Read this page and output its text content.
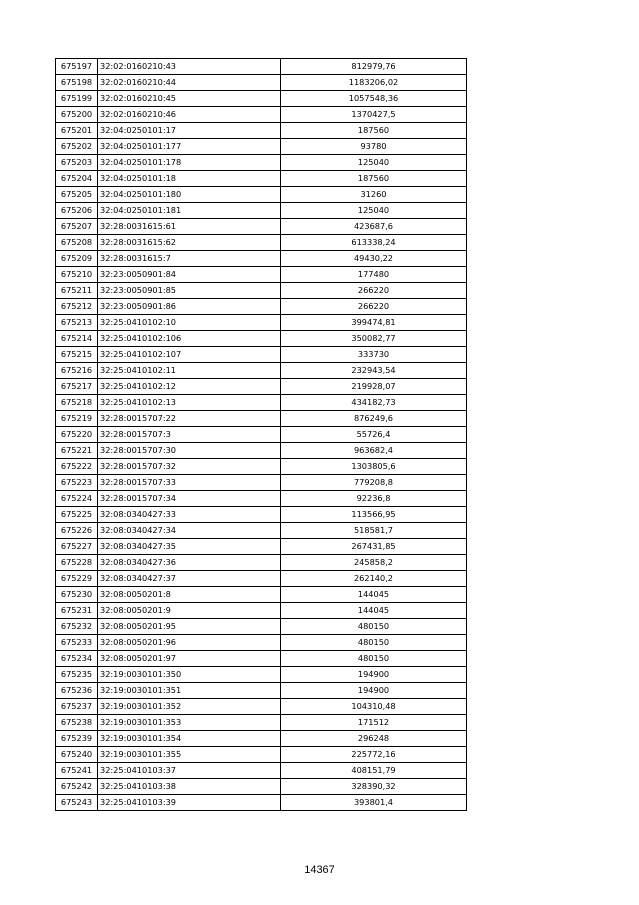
675197	32:02:0160210:43	812979,76
675198	32:02:0160210:44	1183206,02
675199	32:02:0160210:45	1057548,36
675200	32:02:0160210:46	1370427,5
675201	32:04:0250101:17	187560
675202	32:04:0250101:177	93780
675203	32:04:0250101:178	125040
675204	32:04:0250101:18	187560
675205	32:04:0250101:180	31260
675206	32:04:0250101:181	125040
675207	32:28:0031615:61	423687,6
675208	32:28:0031615:62	613338,24
675209	32:28:0031615:7	49430,22
675210	32:23:0050901:84	177480
675211	32:23:0050901:85	266220
675212	32:23:0050901:86	266220
675213	32:25:0410102:10	399474,81
675214	32:25:0410102:106	350082,77
675215	32:25:0410102:107	333730
675216	32:25:0410102:11	232943,54
675217	32:25:0410102:12	219928,07
675218	32:25:0410102:13	434182,73
675219	32:28:0015707:22	876249,6
675220	32:28:0015707:3	55726,4
675221	32:28:0015707:30	963682,4
675222	32:28:0015707:32	1303805,6
675223	32:28:0015707:33	779208,8
675224	32:28:0015707:34	92236,8
675225	32:08:0340427:33	113566,95
675226	32:08:0340427:34	518581,7
675227	32:08:0340427:35	267431,85
675228	32:08:0340427:36	245858,2
675229	32:08:0340427:37	262140,2
675230	32:08:0050201:8	144045
675231	32:08:0050201:9	144045
675232	32:08:0050201:95	480150
675233	32:08:0050201:96	480150
675234	32:08:0050201:97	480150
675235	32:19:0030101:350	194900
675236	32:19:0030101:351	194900
675237	32:19:0030101:352	104310,48
675238	32:19:0030101:353	171512
675239	32:19:0030101:354	296248
675240	32:19:0030101:355	225772,16
675241	32:25:0410103:37	408151,79
675242	32:25:0410103:38	328390,32
675243	32:25:0410103:39	393801,4
14367
